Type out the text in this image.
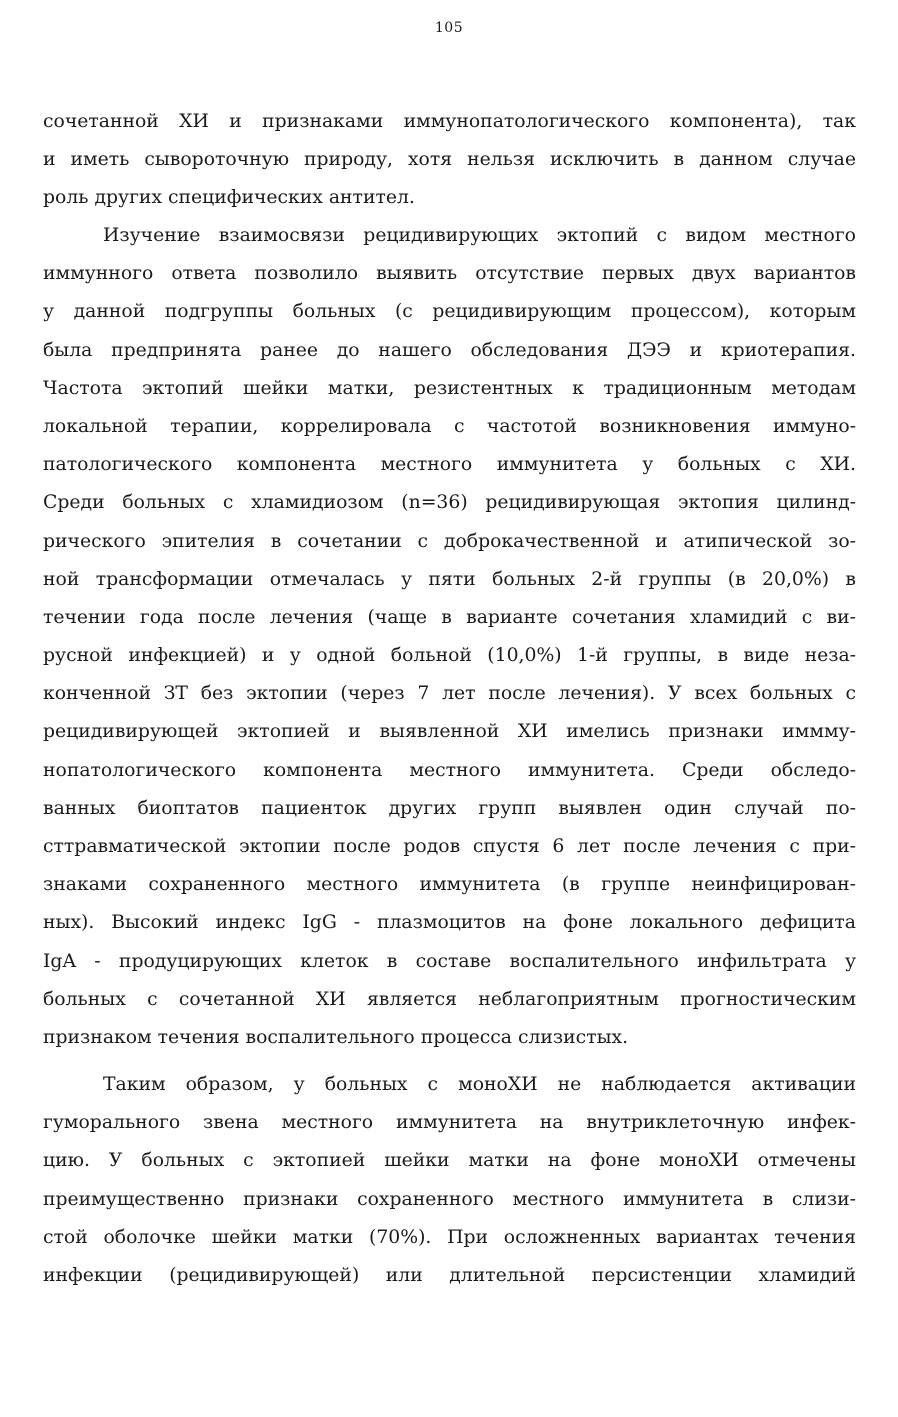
105
сочетанной ХИ и признаками иммунопатологического компонента), так
и иметь сывороточную природу, хотя нельзя исключить в данном случае
роль других специфических антител.
Изучение взаимосвязи рецидивирующих эктопий с видом местного
иммунного ответа позволило выявить отсутствие первых двух вариантов
у данной подгруппы больных (с рецидивирующим процессом), которым
была предпринята ранее до нашего обследования ДЭЭ и криотерапия.
Частота эктопий шейки матки, резистентных к традиционным методам
локальной терапии, коррелировала с частотой возникновения иммуно-
патологического компонента местного иммунитета у больных с ХИ.
Среди больных с хламидиозом (n=36) рецидивирующая эктопия цилинд-
рического эпителия в сочетании с доброкачественной и атипической зо-
ной трансформации отмечалась у пяти больных 2-й группы (в 20,0%) в
течении года после лечения (чаще в варианте сочетания хламидий с ви-
русной инфекцией) и у одной больной (10,0%) 1-й группы, в виде неза-
конченной ЗТ без эктопии (через 7 лет после лечения). У всех больных с
рецидивирующей эктопией и выявленной ХИ имелись признаки иммму-
нопатологического компонента местного иммунитета. Среди обследо-
ванных биоптатов пациенток других групп выявлен один случай по-
сттравматической эктопии после родов спустя 6 лет после лечения с при-
знаками сохраненного местного иммунитета (в группе неинфицирован-
ных). Высокий индекс IgG - плазмоцитов на фоне локального дефицита
IgA - продуцирующих клеток в составе воспалительного инфильтрата у
больных с сочетанной ХИ является неблагоприятным прогностическим
признаком течения воспалительного процесса слизистых.
Таким образом, у больных с моноХИ не наблюдается активации
гуморального звена местного иммунитета на внутриклеточную инфек-
цию. У больных с эктопией шейки матки на фоне моноХИ отмечены
преимущественно признаки сохраненного местного иммунитета в слизи-
стой оболочке шейки матки (70%). При осложненных вариантах течения
инфекции (рецидивирующей) или длительной персистенции хламидий
